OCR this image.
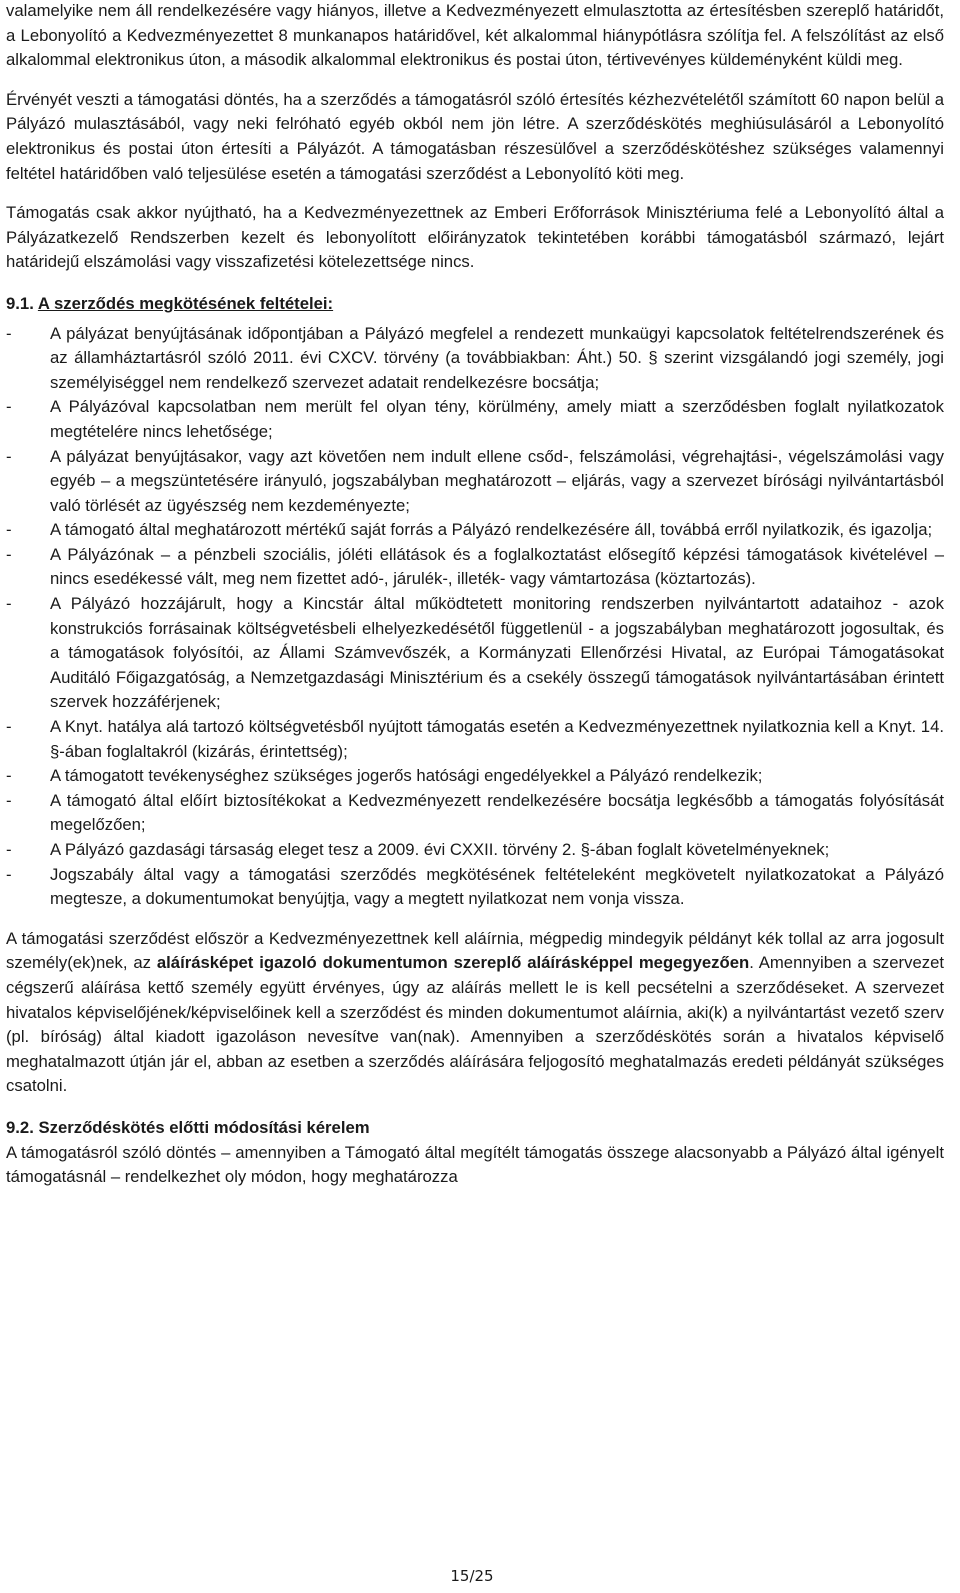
valamelyike nem áll rendelkezésére vagy hiányos, illetve a Kedvezményezett elmulasztotta az értesítésben szereplő határidőt, a Lebonyolító a Kedvezményezettet 8 munkanapos határidővel, két alkalommal hiánypótlásra szólítja fel. A felszólítást az első alkalommal elektronikus úton, a második alkalommal elektronikus és postai úton, tértivevényes küldeményként küldi meg.

Érvényét veszti a támogatási döntés, ha a szerződés a támogatásról szóló értesítés kézhezvételétől számított 60 napon belül a Pályázó mulasztásából, vagy neki felróható egyéb okból nem jön létre. A szerződéskötés meghiúsulásáról a Lebonyolító elektronikus és postai úton értesíti a Pályázót. A támogatásban részesülővel a szerződéskötéshez szükséges valamennyi feltétel határidőben való teljesülése esetén a támogatási szerződést a Lebonyolító köti meg.

Támogatás csak akkor nyújtható, ha a Kedvezményezettnek az Emberi Erőforrások Minisztériuma felé a Lebonyolító által a Pályázatkezelő Rendszerben kezelt és lebonyolított előirányzatok tekintetében korábbi támogatásból származó, lejárt határidejű elszámolási vagy visszafizetési kötelezettsége nincs.

9.1. A szerződés megkötésének feltételei:
- A pályázat benyújtásának időpontjában a Pályázó megfelel a rendezett munkaügyi kapcsolatok feltételrendszerének és az államháztartásról szóló 2011. évi CXCV. törvény (a továbbiakban: Áht.) 50. § szerint vizsgálandó jogi személy, jogi személyiséggel nem rendelkező szervezet adatait rendelkezésre bocsátja;
- A Pályázóval kapcsolatban nem merült fel olyan tény, körülmény, amely miatt a szerződésben foglalt nyilatkozatok megtételére nincs lehetősége;
- A pályázat benyújtásakor, vagy azt követően nem indult ellene csőd-, felszámolási, végrehajtási-, végelszámolási vagy egyéb – a megszüntetésére irányuló, jogszabályban meghatározott – eljárás, vagy a szervezet bírósági nyilvántartásból való törlését az ügyészség nem kezdeményezte;
- A támogató által meghatározott mértékű saját forrás a Pályázó rendelkezésére áll, továbbá erről nyilatkozik, és igazolja;
- A Pályázónak – a pénzbeli szociális, jóléti ellátások és a foglalkoztatást elősegítő képzési támogatások kivételével – nincs esedékessé vált, meg nem fizettet adó-, járulék-, illeték- vagy vámtartozása (köztartozás).
- A Pályázó hozzájárult, hogy a Kincstár által működtetett monitoring rendszerben nyilvántartott adataihoz - azok konstrukciós forrásainak költségvetésbeli elhelyezkedésétől függetlenül - a jogszabályban meghatározott jogosultak, és a támogatások folyósítói, az Állami Számvevőszék, a Kormányzati Ellenőrzési Hivatal, az Európai Támogatásokat Auditáló Főigazgatóság, a Nemzetgazdasági Minisztérium és a csekély összegű támogatások nyilvántartásában érintett szervek hozzáférjenek;
- A Knyt. hatálya alá tartozó költségvetésből nyújtott támogatás esetén a Kedvezményezettnek nyilatkoznia kell a Knyt. 14. §-ában foglaltakról (kizárás, érintettség);
- A támogatott tevékenységhez szükséges jogerős hatósági engedélyekkel a Pályázó rendelkezik;
- A támogató által előírt biztosítékokat a Kedvezményezett rendelkezésére bocsátja legkésőbb a támogatás folyósítását megelőzően;
- A Pályázó gazdasági társaság eleget tesz a 2009. évi CXXII. törvény 2. §-ában foglalt követelményeknek;
- Jogszabály által vagy a támogatási szerződés megkötésének feltételeként megkövetelt nyilatkozatokat a Pályázó megtesze, a dokumentumokat benyújtja, vagy a megtett nyilatkozat nem vonja vissza.

A támogatási szerződést először a Kedvezményezettnek kell aláírnia, mégpedig mindegyik példányt kék tollal az arra jogosult személy(ek)nek, az aláírásképet igazoló dokumentumon szereplő aláírásképpel megegyezően. Amennyiben a szervezet cégszerű aláírása kettő személy együtt érvényes, úgy az aláírás mellett le is kell pecsételni a szerződéseket. A szervezet hivatalos képviselőjének/képviselőinek kell a szerződést és minden dokumentumot aláírnia, aki(k) a nyilvántartást vezető szerv (pl. bíróság) által kiadott igazoláson nevesítve van(nak). Amennyiben a szerződéskötés során a hivatalos képviselő meghatalmazott útján jár el, abban az esetben a szerződés aláírására feljogosító meghatalmazás eredeti példányát szükséges csatolni.

9.2. Szerződéskötés előtti módosítási kérelem

A támogatásról szóló döntés – amennyiben a Támogató által megítélt támogatás összege alacsonyabb a Pályázó által igényelt támogatásnál – rendelkezhet oly módon, hogy meghatározza

15/25
